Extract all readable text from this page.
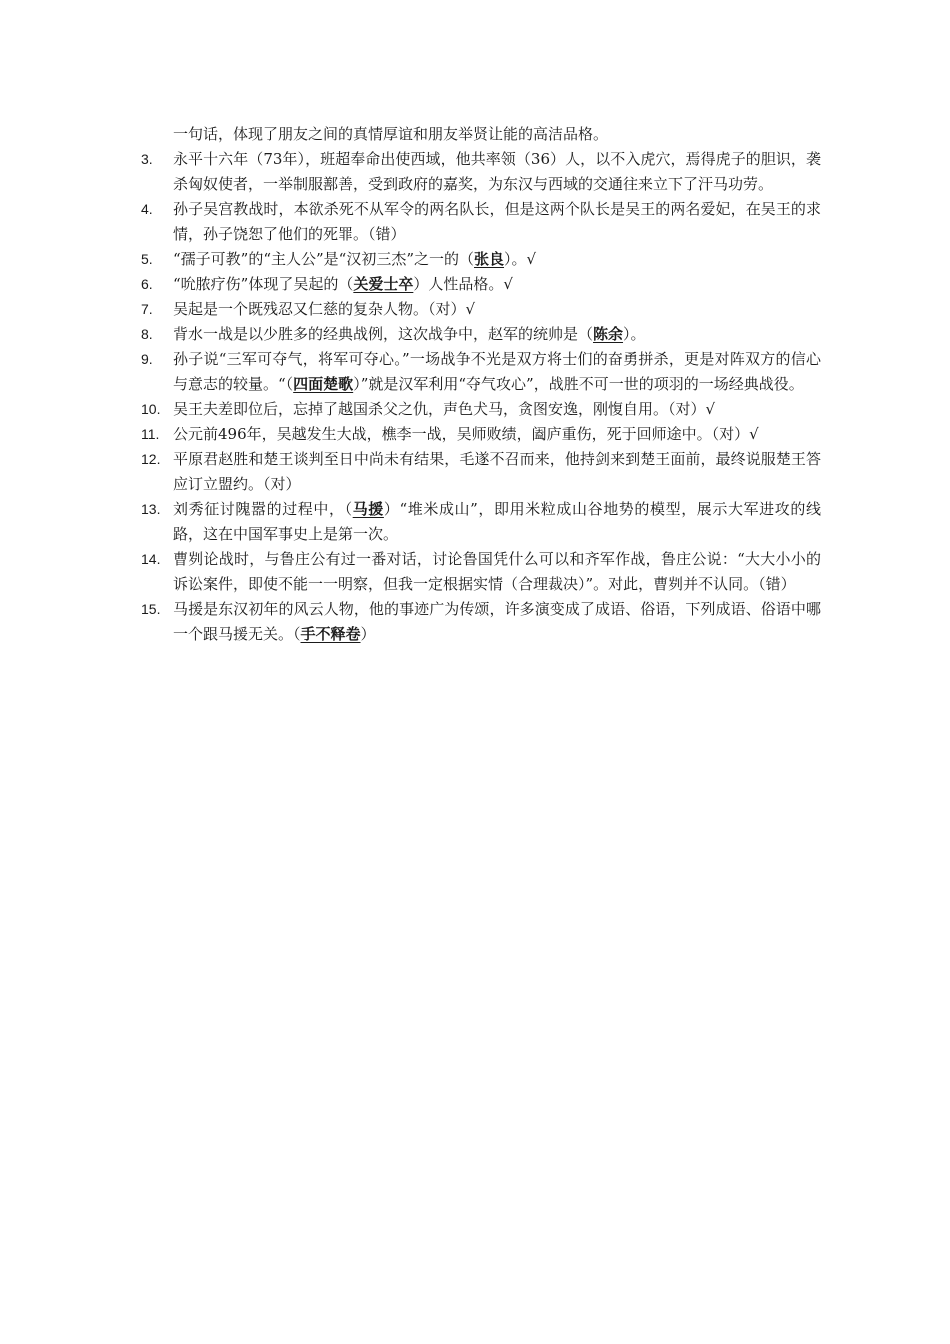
一句话，体现了朋友之间的真情厚谊和朋友举贤让能的高洁品格。

3.	永平十六年（73年），班超奉命出使西域，他共率领（36）人，以不入虎穴，焉得虎子的胆识，袭杀匈奴使者，一举制服鄯善，受到政府的嘉奖，为东汉与西域的交通往来立下了汗马功劳。
4.	孙子吴宫教战时，本欲杀死不从军令的两名队长，但是这两个队长是吴王的两名爱妃，在吴王的求情，孙子饶恕了他们的死罪。（错）
5.	“孺子可教”的“主人公”是“汉初三杰”之一的（张良）。√
6.	“吮脓疗伤”体现了吴起的（关爱士卒）人性品格。√
7.	吴起是一个既残忍又仁慈的复杂人物。（对）√
8.	背水一战是以少胜多的经典战例，这次战争中，赵军的统帅是（陈余）。
9.	孙子说“三军可夺气，将军可夺心。”一场战争不光是双方将士们的奋勇拼杀，更是对阵双方的信心与意志的较量。“（四面楚歌）”就是汉军利用“夺气攻心”，战胜不可一世的项羽的一场经典战役。
10. 吴王夫差即位后，忘掉了越国杀父之仇，声色犬马，贪图安逸，刚愎自用。（对）√
11. 公元前496年，吴越发生大战，樵李一战，吴师败绩，阖庐重伤，死于回师途中。（对）√
12. 平原君赵胜和楚王谈判至日中尚未有结果，毛遂不召而来，他持剑来到楚王面前，最终说服楚王答应订立盟约。（对）
13. 刘秀征讨隗嚣的过程中，（马援）“堆米成山”，即用米粒成山谷地势的模型，展示大军进攻的线路，这在中国军事史上是第一次。
14. 曹刿论战时，与鲁庄公有过一番对话，讨论鲁国凭什么可以和齐军作战，鲁庄公说：“大大小小的诉讼案件，即使不能一一明察，但我一定根据实情（合理裁决）”。对此，曹刿并不认同。（错）
15. 马援是东汉初年的风云人物，他的事迹广为传颂，许多演变成了成语、俗语，下列成语、俗语中哪一个跟马援无关。（手不释卷）
